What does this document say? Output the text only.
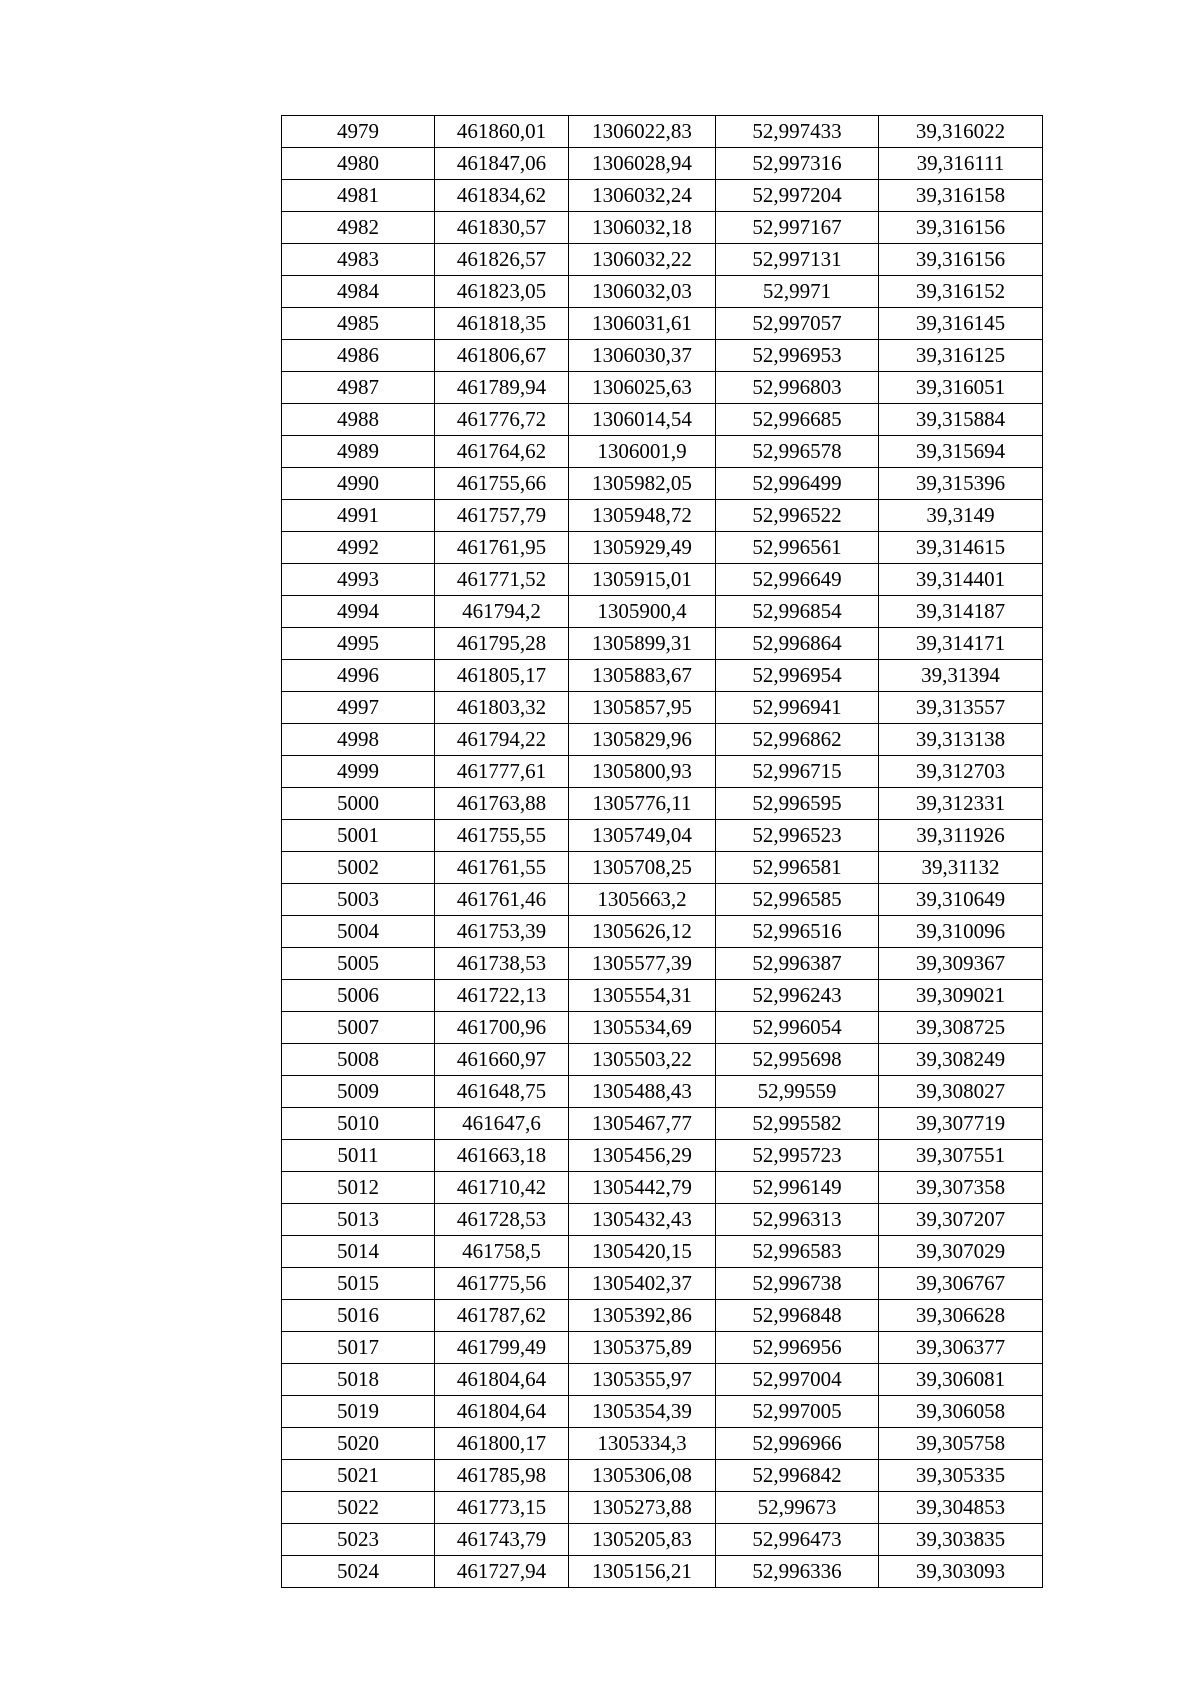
4979	461860,01	1306022,83	52,997433	39,316022
4980	461847,06	1306028,94	52,997316	39,316111
4981	461834,62	1306032,24	52,997204	39,316158
4982	461830,57	1306032,18	52,997167	39,316156
4983	461826,57	1306032,22	52,997131	39,316156
4984	461823,05	1306032,03	52,9971	39,316152
4985	461818,35	1306031,61	52,997057	39,316145
4986	461806,67	1306030,37	52,996953	39,316125
4987	461789,94	1306025,63	52,996803	39,316051
4988	461776,72	1306014,54	52,996685	39,315884
4989	461764,62	1306001,9	52,996578	39,315694
4990	461755,66	1305982,05	52,996499	39,315396
4991	461757,79	1305948,72	52,996522	39,3149
4992	461761,95	1305929,49	52,996561	39,314615
4993	461771,52	1305915,01	52,996649	39,314401
4994	461794,2	1305900,4	52,996854	39,314187
4995	461795,28	1305899,31	52,996864	39,314171
4996	461805,17	1305883,67	52,996954	39,31394
4997	461803,32	1305857,95	52,996941	39,313557
4998	461794,22	1305829,96	52,996862	39,313138
4999	461777,61	1305800,93	52,996715	39,312703
5000	461763,88	1305776,11	52,996595	39,312331
5001	461755,55	1305749,04	52,996523	39,311926
5002	461761,55	1305708,25	52,996581	39,31132
5003	461761,46	1305663,2	52,996585	39,310649
5004	461753,39	1305626,12	52,996516	39,310096
5005	461738,53	1305577,39	52,996387	39,309367
5006	461722,13	1305554,31	52,996243	39,309021
5007	461700,96	1305534,69	52,996054	39,308725
5008	461660,97	1305503,22	52,995698	39,308249
5009	461648,75	1305488,43	52,99559	39,308027
5010	461647,6	1305467,77	52,995582	39,307719
5011	461663,18	1305456,29	52,995723	39,307551
5012	461710,42	1305442,79	52,996149	39,307358
5013	461728,53	1305432,43	52,996313	39,307207
5014	461758,5	1305420,15	52,996583	39,307029
5015	461775,56	1305402,37	52,996738	39,306767
5016	461787,62	1305392,86	52,996848	39,306628
5017	461799,49	1305375,89	52,996956	39,306377
5018	461804,64	1305355,97	52,997004	39,306081
5019	461804,64	1305354,39	52,997005	39,306058
5020	461800,17	1305334,3	52,996966	39,305758
5021	461785,98	1305306,08	52,996842	39,305335
5022	461773,15	1305273,88	52,99673	39,304853
5023	461743,79	1305205,83	52,996473	39,303835
5024	461727,94	1305156,21	52,996336	39,303093
